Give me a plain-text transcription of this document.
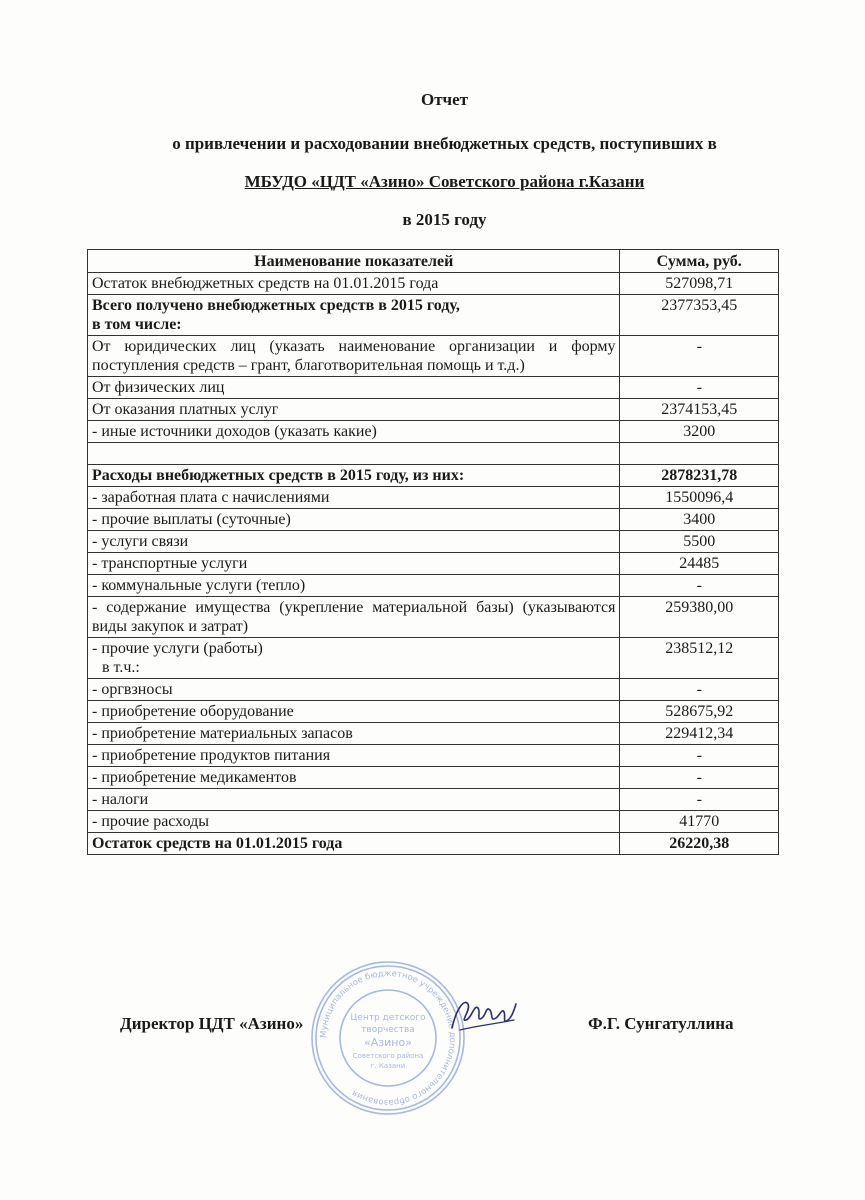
Отчет
о привлечении и расходовании внебюджетных средств, поступивших в
МБУДО «ЦДТ «Азино» Советского района г.Казани
в 2015 году
Наименование показателей	Сумма, руб.
Остаток внебюджетных средств на 01.01.2015 года	527098,71

Всего получено внебюджетных средств в 2015 году,
в том числе:	2377353,45
От юридических лиц (указать наименование организации и форму поступления средств – грант, благотворительная помощь и т.д.)	-
От физических лиц	-
От оказания платных услуг	2374153,45
- иные источники доходов (указать какие)	3200

Расходы внебюджетных средств в 2015 году, из них:	2878231,78
- заработная плата с начислениями	1550096,4
- прочие выплаты (суточные)	3400
- услуги связи	5500
- транспортные услуги	24485
- коммунальные услуги (тепло)	-
- содержание имущества (укрепление материальной базы) (указываются виды закупок и затрат)	259380,00

- прочие услуги (работы)
в т.ч.:	238512,12
- оргвзносы	-
- приобретение оборудование	528675,92
- приобретение материальных запасов	229412,34
- приобретение продуктов питания	-
- приобретение медикаментов	-
- налоги	-
- прочие расходы	41770
Остаток средств на 01.01.2015 года	26220,38
Муниципальное бюджетное учреждение дополнительного образования
Центр детского
творчества
«Азино»
Советского района
г. Казани
Директор ЦДТ «Азино»	Ф.Г. Сунгатуллина
